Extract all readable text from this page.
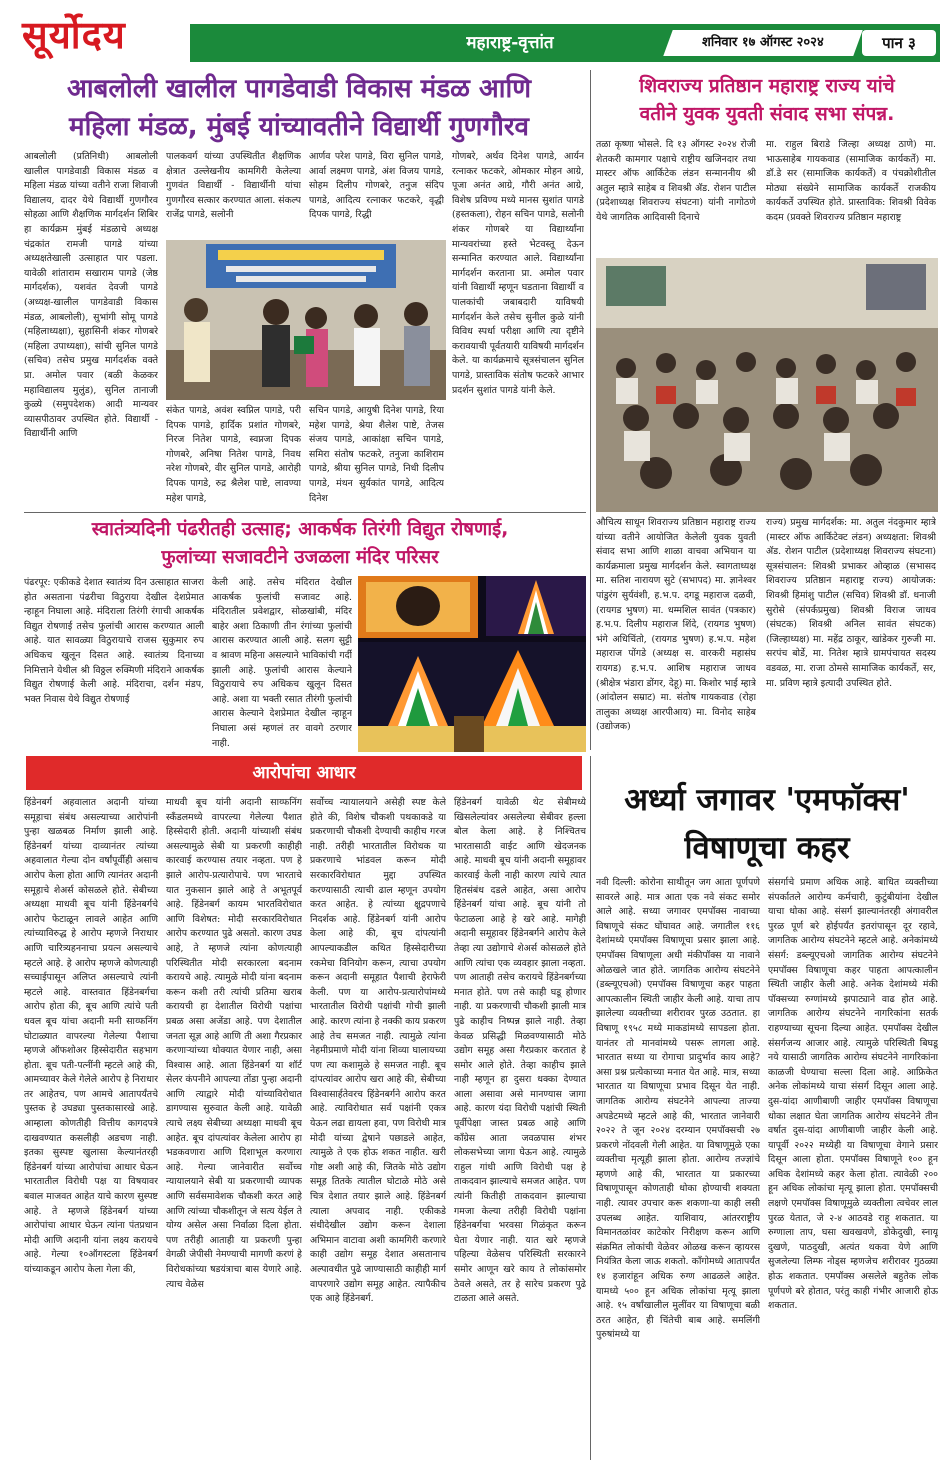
सूर्योदय	महाराष्ट्र-वृत्तांत	शनिवार १७ ऑगस्ट २०२४	पान ३
आबलोली खालील पागडेवाडी विकास मंडळ आणि
महिला मंडळ, मुंबई यांच्यावतीने विद्यार्थी गुणगौरव
आबलोली (प्रतिनिधी) आबलोली खालील पागडेवाडी विकास मंडळ व महिला मंडळ यांच्या वतीने राजा शिवाजी विद्यालय, दादर येथे विद्यार्थी गुणगौरव सोहळा आणि शैक्षणिक मार्गदर्शन शिबिर हा कार्यक्रम मुंबई मंडळाचे अध्यक्ष चंद्रकांत रामजी पागडे यांच्या अध्यक्षतेखाली उत्साहात पार पडला. यावेळी शांताराम सखाराम पागडे (जेष्ठ मार्गदर्शक), यशवंत देवजी पागडे (अध्यक्ष-खालील पागडेवाडी विकास मंडळ, आबलोली), सुभांगी सोमू पागडे (महिलाध्यक्षा), सुहासिनी शंकर गोणबरे (महिला उपाध्यक्षा), सांची सुनिल पागडे (सचिव) तसेच प्रमुख मार्गदर्शक वक्ते प्रा. अमोल पवार (बळी केळकर महाविद्यालय मुलुंड), सुनिल तानाजी कुळ्ये (समुपदेशक) आदी मान्यवर व्यासपीठावर उपस्थित होते. विद्यार्थी - विद्यार्थीनी आणि
पालकवर्ग यांच्या उपस्थितीत शैक्षणिक क्षेत्रात उल्लेखनीय कामगिरी केलेल्या गुणवंत विद्यार्थी - विद्यार्थीनी यांचा गुणगौरव सत्कार करण्यात आला. संकल्प राजेंद्र पागडे, सलोनी
आर्णव परेश पागडे, विरा सुनिल पागडे, आर्वा लक्ष्मण पागडे, अंश विजय पागडे, सोहम दिलीप गोणबरे, तनुज संदिप पागडे, आदित्य रत्नाकर फटकरे, वृद्धी दिपक पागडे, रिद्धी
गोणबरे, अर्थव दिनेश पागडे, आर्यन रत्नाकर फटकरे, ओमकार मोहन आग्रे, पूजा अनंत आग्रे, गौरी अनंत आग्रे, विशेष प्रविण्य मध्ये मानस सुशांत पागडे (हस्तकला), रोहन सचिन पागडे, सलोनी शंकर गोणबरे या विद्यार्थ्यांना मान्यवरांच्या हस्ते भेटवस्तू देऊन सन्मानित करण्यात आले. विद्यार्थ्यांना मार्गदर्शन करताना प्रा. अमोल पवार यांनी विद्यार्थी म्हणून घडताना विद्यार्थी व पालकांची जबाबदारी याविषयी मार्गदर्शन केले तसेच सुनील कुळे यांनी विविध स्पर्धा परीक्षा आणि त्या दृष्टीने करावयाची पूर्वतयारी याविषयी मार्गदर्शन केले. या कार्यक्रमाचे सूत्रसंचालन सुनिल पागडे, प्रास्ताविक संतोष फटकरे आभार प्रदर्शन सुशांत पागडे यांनी केले.
संकेत पागडे, अवंश स्वप्निल पागडे, परी दिपक पागडे, हार्दिक प्रशांत गोणबरे, निरज नितेश पागडे, स्वप्नजा दिपक गोणबरे, अनिषा नितेश पागडे, निवध नरेश गोणबरे, वीर सुनिल पागडे, आरोही दिपक पागडे, रुद्र श्रैलेश पाष्टे, लावण्या महेश पागडे,
सचिन पागडे, आयुषी दिनेश पागडे, रिया महेश पागडे, श्रेया शैलेश पाष्टे, तेजस संजय पागडे, आकांक्षा सचिन पागडे, समिरा संतोष फटकरे, तनुजा काशिराम पागडे, श्रीया सुनिल पागडे, निधी दिलीप पागडे, मंथन सुर्यकांत पागडे, आदित्य दिनेश
शिवराज्य प्रतिष्ठान महाराष्ट्र राज्य यांचे
वतीने युवक युवती संवाद सभा संपन्न.
तळा कृष्णा भोसले. दि १३ ऑगस्ट २०२४ रोजी शेतकरी कामगार पक्षाचे राष्ट्रीय खजिनदार तथा मास्टर ऑफ आर्किटेक लंडन सन्माननीय श्री अतुल म्हात्रे साहेब व शिवश्री ॲड. रोशन पाटील (प्रदेशाध्यक्ष शिवराज्य संघटना) यांनी नागोठणे येथे जागतिक आदिवासी दिनाचे
मा. राहुल बिराडे जिल्हा अध्यक्ष ठाणे) मा. भाऊसाहेब गायकवाड (सामाजिक कार्यकर्ते) मा. डॉ.डे सर (सामाजिक कार्यकर्ते) व पंचक्रोशीतील मोठ्या संख्येने सामाजिक कार्यकर्ते राजकीय कार्यकर्ते उपस्थित होते. प्रास्ताविक: शिवश्री विवेक कदम (प्रवक्ते शिवराज्य प्रतिष्ठान महाराष्ट्र
औचित्य साधून शिवराज्य प्रतिष्ठान महाराष्ट्र राज्य यांच्या वतीने आयोजित केलेली युवक युवती संवाद सभा आणि शाळा वाचवा अभियान या कार्यक्रमाला प्रमुख मार्गदर्शन केले. स्वागताध्यक्ष मा. सतिश नारायण सुटे (सभापद) मा. ज्ञानेश्वर पांडुरंग सुर्यवंशी, ह.भ.प. दगडू महाराज दळवी, (रायगड भुषण) मा. धम्मशिल सावंत (पत्रकार) ह.भ.प. दिलीप महाराज शिंदे, (रायगड भुषण) भंगे अधिचिंतो, (रायगड भुषण) ह.भ.प. महेश महाराज पोंगडे (अध्यक्ष स. वारकरी महासंघ रायगड) ह.भ.प. आशिष महाराज जाधव (श्रीक्षेत्र भंडारा डोंगर, देहू) मा. किशोर भाई म्हात्रे (आंदोलन सम्राट) मा. संतोष गायकवाड (रोहा तालुका अध्यक्ष आरपीआय) मा. विनोद साहेब (उद्योजक)
राज्य) प्रमुख मार्गदर्शक: मा. अतुल नंदकुमार म्हात्रे (मास्टर ऑफ आर्किटेक्ट लंडन) अध्यक्षता: शिवश्री ॲड. रोशन पाटील (प्रदेशाध्यक्ष शिवराज्य संघटना) सूत्रसंचालन: शिवश्री प्रभाकर ओव्हाळ (सभासद शिवराज्य प्रतिष्ठान महाराष्ट्र राज्य) आयोजक: शिवश्री हिमांशु पाटील (सचिव) शिवश्री डॉ. धनाजी सुरोसे (संपर्कप्रमुख) शिवश्री विराज जाधव (संघटक) शिवश्री अनिल सावंत संघटक) (जिल्हाध्यक्ष) मा. महेंद्र ठाकूर, खांडेकर गुरुजी मा. सरपंच बोर्डे, मा. नितेश म्हात्रे ग्रामपंचायत सदस्य वडवळ, मा. राजा ठोमसे सामाजिक कार्यकर्ते, सर, मा. प्रविण म्हात्रे इत्यादी उपस्थित होते.
स्वातंत्र्यदिनी पंढरीतही उत्साह; आकर्षक तिरंगी विद्युत रोषणाई,
फुलांच्या सजावटीने उजळला मंदिर परिसर
पंढरपूर: एकीकडे देशात स्वातंत्र्य दिन उत्साहात साजरा होत असताना पंढरीचा विठुराया देखील देशप्रेमात न्हाहून निघाला आहे. मंदिराला तिरंगी रंगाची आकर्षक विद्युत रोषणाई तसेच फुलांची आरास करण्यात आली आहे. यात सावळ्या विठुरायाचे राजस सुकुमार रुप अधिकच खुलून दिसत आहे. स्वातंत्र्य दिनाच्या निमित्ताने येथील श्री विठ्ठल रुक्मिणी मंदिराने आकर्षक विद्युत रोषणाई केली आहे. मंदिराचा, दर्शन मंडप, भक्त निवास येथे विद्युत रोषणाई
केली आहे. तसेच मंदिरात देखील आकर्षक फुलांची सजावट आहे. मंदिरातील प्रवेशद्वार, सोळखांबी, मंदिर बाहेर अशा ठिकाणी तीन रंगांच्या फुलांची आरास करण्यात आली आहे. सलग सुट्टी व श्रावण महिना असल्याने भाविकांची गर्दी झाली आहे. फुलांची आरास केल्याने विठुरायाचे रुप अधिकच खुलून दिसत आहे. अशा या भक्ती रसात तीरंगी फुलांची आरास केल्याने देशप्रेमात देखील न्हाहून निघाला असं म्हणलं तर वावगे ठरणार नाही.
आरोपांचा आधार
हिंडेनबर्ग अहवालात अदानी यांच्या समूहाचा संबंध असल्याच्या आरोपांनी पुन्हा खळबळ निर्माण झाली आहे. हिंडेनबर्ग यांच्या दाव्यानंतर त्यांच्या अहवालात गेल्या दोन वर्षांपूर्वीही असाच आरोप केला होता आणि त्यानंतर अदानी समूहाचे शेअर्स कोसळले होते. सेबीच्या अध्यक्षा माधवी बूच यांनी हिंडेनबर्गचे आरोप फेटाळून लावले आहेत आणि त्यांच्याविरुद्ध हे आरोप म्हणजे निराधार आणि चारित्र्यहननाचा प्रयत्न असल्याचे म्हटले आहे. हे आरोप म्हणजे कोणत्याही सच्चाईपासून अलिप्त असल्याचे त्यांनी म्हटले आहे. वास्तवात हिंडेनबर्गचा आरोप होता की, बूच आणि त्यांचे पती धवल बूच यांचा अदानी मनी साय्फनिंग घोटाळ्यात वापरल्या गेलेल्या पैशाचा म्हणजे ऑफशोअर हिस्सेदारीत सहभाग होता. बूच पती-पत्नींनी म्हटले आहे की, आमच्यावर केले गेलेले आरोप हे निराधार तर आहेतच, पण आमचे आतापर्यंतचे पुस्तक हे उघड्या पुस्तकासारखे आहे. आम्हाला कोणतीही वित्तीय कागदपत्रे दाखवण्यात कसलीही अडचण नाही. इतका सुस्पष्ट खुलासा केल्यानंतरही हिंडेनबर्ग यांच्या आरोपांचा आधार घेऊन भारतातील विरोधी पक्ष या विषयावर बवाल माजवत आहेत याचे कारण सुस्पष्ट आहे. ते म्हणजे हिंडेनबर्ग यांच्या आरोपांचा आधार घेऊन त्यांना पंतप्रधान मोदी आणि अदानी यांना लक्ष्य करायचे आहे. गेल्या १०ऑगस्टला हिंडेनबर्ग यांच्याकडून आरोप केला गेला की,
माधवी बूच यांनी अदानी साय्फनिंग स्कँडलमध्ये वापरल्या गेलेल्या पैशात हिस्सेदारी होती. अदानी यांच्याशी संबंध असल्यामुळे सेबी या प्रकरणी काहीही कारवाई करण्यास तयार नव्हता. पण हे झाले आरोप-प्रत्यारोपाचे. पण भारताचे यात नुकसान झाले आहे ते अभूतपूर्व आहे. हिंडेनबर्ग कायम भारतविरोधात आणि विशेषत: मोदी सरकारविरोधात आरोप करण्यात पुढे असतो. कारण उघड आहे, ते म्हणजे त्यांना कोणत्याही परिस्थितीत मोदी सरकारला बदनाम करायचे आहे. त्यामुळे मोदी यांना बदनाम करून कशी तरी त्यांची प्रतिमा खराब करायची हा देशातील विरोधी पक्षांचा प्रबळ असा अजेंडा आहे. पण देशातील जनता सूज्ञ आहे आणि ती अशा गैरप्रकार करणाऱ्यांच्या धोक्यात येणार नाही, असा विश्वास आहे. आता हिंडेनबर्ग या शॉर्ट सेलर कंपनीने आपल्या तोंडा पुन्हा अदानी आणि त्याद्वारे मोदी यांच्याविरोधात डागण्यास सुरुवात केली आहे. यावेळी त्याचे लक्ष्य सेबीच्या अध्यक्षा माधवी बूच आहेत. बूच दांपत्यांवर केलेला आरोप हा भडकवणारा आणि दिशाभूल करणारा आहे. गेल्या जानेवारीत सर्वोच्च न्यायालयाने सेबी या प्रकरणाची व्यापक आणि सर्वसमावेशक चौकशी करत आहे आणि त्यांच्या चौकशीतून जे सत्य येईल ते योग्य असेल असा निर्वाळा दिला होता. पण तरीही आताही या प्रकरणी पुन्हा वेगळी जेपीसी नेमण्याची मागणी करणं हे विरोधकांच्या षडयंत्राचा बास येणारे आहे. त्याच वेळेस
सर्वोच्च न्यायालयाने असेही स्पष्ट केले होते की, विशेष चौकशी पथकाकडे या प्रकरणाची चौकशी देण्याची काहीच गरज नाही. तरीही भारतातील विरोधक या प्रकरणाचे भांडवल करून मोदी सरकारविरोधात मुद्दा उपस्थित करण्यासाठी त्याची ढाल म्हणून उपयोग करत आहेत. हे त्यांच्या क्षुद्रपणाचे निदर्शक आहे. हिंडेनबर्ग यांनी आरोप केला आहे की, बूच दांपत्यांनी आपल्याकडील कथित हिस्सेदारीच्या रकमेचा विनियोग करून, त्याचा उपयोग करून अदानी समूहात पैशाची हेराफेरी केली. पण या आरोप-प्रत्यारोपांमध्ये भारतातील विरोधी पक्षांची गोची झाली आहे. कारण त्यांना हे नक्की काय प्रकरण आहे तेच समजत नाही. त्यामुळे त्यांना नेहमीप्रमाणे मोदी यांना शिव्या घालायच्या पण त्या कशामुळे हे समजत नाही. बूच दांपत्यांवर आरोप खरा आहे की, सेबीच्या विश्वासार्हतेवरच हिंडेनबर्गने आरोप करत आहे. त्याविरोधात सर्व पक्षांनी एकत्र येऊन लढा द्यायला हवा, पण विरोधी मात्र मोदी यांच्या द्वेषाने पछाडले आहेत, त्यामुळे ते एक होऊ शकत नाहीत. खरी गोष्ट अशी आहे की, जितके मोठे उद्योग समूह तितके त्यातील घोटाळे मोठे असे चित्र देशात तयार झाले आहे. हिंडेनबर्ग त्याला अपवाद नाही. एकीकडे संधीदेखील उद्योग करून देशाला अभिमान वाटावा अशी कामगिरी करणारे काही उद्योग समूह देशात असतानाच अल्पावधीत पुढे जाण्यासाठी काहीही मार्ग वापरणारे उद्योग समूह आहेत. त्यापैकीच एक आहे हिंडेनबर्ग.
हिंडेनबर्ग यावेळी थेट सेबीमध्ये खिसलेल्यांवर असलेल्या सेबीवर हल्ला बोल केला आहे. हे निश्चितच भारतासाठी वाईट आणि खेदजनक आहे. माधवी बूच यांनी अदानी समूहावर कारवाई केली नाही कारण त्यांचे त्यात हितसंबंध दडले आहेत, असा आरोप हिंडेनबर्ग यांचा आहे. बूच यांनी तो फेटाळला आहे हे खरे आहे. मागेही अदानी समूहावर हिंडेनबर्गने आरोप केले तेव्हा त्या उद्योगाचे शेअर्स कोसळले होते आणि त्यांचा एक व्यवहार झाला नव्हता. पण आताही तसेच करायचे हिंडेनबर्गच्या मनात होते. पण तसे काही घडू होणार नाही. या प्रकरणाची चौकशी झाली मात्र पुढे काहीच निष्पन्न झाले नाही. तेव्हा केवळ प्रसिद्धी मिळवण्यासाठी मोठे उद्योग समूह असा गैरप्रकार करतात हे समोर आले होते. तेव्हा काहीच झाले नाही म्हणून हा दुसरा धक्का देण्यात आला असावा असे मानण्यास जागा आहे. कारण यंदा विरोधी पक्षांची स्थिती पूर्वीपेक्षा जास्त प्रबळ आहे आणि काँग्रेस आता जवळपास शंभर लोकसभेच्या जागा घेऊन आहे. त्यामुळे राहुल गांधी आणि विरोधी पक्ष हे ताकदवान झाल्याचे समजत आहेत. पण त्यांनी कितीही ताकदवान झाल्याचा गमजा केल्या तरीही विरोधी पक्षांना हिंडेनबर्गचा भरवसा गिळंकृत करून घेता येणार नाही. यात खरे म्हणजे पहिल्या वेळेसच परिस्थिती सरकारने समोर आणून खरे काय ते लोकांसमोर ठेवले असते, तर हे सारेच प्रकरण पुढे टाळता आले असते.
अर्ध्या जगावर 'एमफॉक्स'
विषाणूचा कहर
नवी दिल्ली: कोरोना साथीतून जग आता पूर्णपणे सावरले आहे. मात्र आता एक नवे संकट समोर आले आहे. सध्या जगावर एमपॉक्स नावाच्या विषाणूचे संकट घोंघावत आहे. जगातील ११६ देशांमध्ये एमपॉक्स विषाणूचा प्रसार झाला आहे. एमपॉक्स विषाणूला अधी मंकीपॉक्स या नावाने ओळखले जात होते. जागतिक आरोग्य संघटनेने (डब्ल्यूएचओ) एमपॉक्स विषाणूचा कहर पाहता आपत्कालीन स्थिती जाहीर केली आहे. याचा ताप झालेल्या व्यक्तीच्या शरीरावर पुरळ उठतात. हा विषाणू १९५८ मध्ये माकडांमध्ये सापडला होता. यानंतर तो मानवांमध्ये पसरू लागला आहे. भारतात सध्या या रोगाचा प्रादुर्भाव काय आहे? असा प्रश्न प्रत्येकाच्या मनात येत आहे. मात्र, सध्या भारतात या विषाणूचा प्रभाव दिसून येत नाही. जागतिक आरोग्य संघटनेने आपल्या ताज्या अपडेटमध्ये म्हटले आहे की, भारतात जानेवारी २०२२ ते जून २०२४ दरम्यान एमपॉक्सची २७ प्रकरणे नोंदवली गेली आहेत. या विषाणूमुळे एका व्यक्तीचा मृत्यूही झाला होता. आरोग्य तज्ज्ञांचे म्हणणे आहे की, भारतात या प्रकारच्या विषाणूपासून कोणताही धोका होण्याची शक्यता नाही. त्यावर उपचार करू शकणा-या काही लसी उपलब्ध आहेत. याशिवाय, आंतरराष्ट्रीय विमानतळांवर काटेकोर निरीक्षण करून आणि संक्रमित लोकांची वेळेवर ओळख करून व्हायरस नियंत्रित केला जाऊ शकतो. काँगोमध्ये आतापर्यंत १४ हजारांहून अधिक रुग्ण आढळले आहेत. यामध्ये ५०० हून अधिक लोकांचा मृत्यू झाला आहे. १५ वर्षांखालील मुलींवर या विषाणूचा बळी ठरत आहेत, ही चिंतेची बाब आहे. समलिंगी पुरुषांमध्ये या
संसर्गाचे प्रमाण अधिक आहे. बाधित व्यक्तीच्या संपर्कातले आरोग्य कर्मचारी, कुटुंबीयांना देखील याचा धोका आहे. संसर्ग झाल्यानंतरही अंगावरील पुरळ पूर्ण बरे होईपर्यंत इतरांपासून दूर रहावे, जागतिक आरोग्य संघटनेने म्हटले आहे. अनेकांमध्ये संसर्ग: डब्ल्यूएचओ जागतिक आरोग्य संघटनेने एमपॉक्स विषाणूचा कहर पाहता आपत्कालीन स्थिती जाहीर केली आहे. अनेक देशांमध्ये मंकी पॉक्सच्या रुग्णांमध्ये झपाट्याने वाढ होत आहे. जागतिक आरोग्य संघटनेने नागरिकांना सतर्क राहण्याच्या सूचना दिल्या आहेत. एमपॉक्स देखील संसर्गजन्य आजार आहे. त्यामुळे परिस्थिती बिघडू नये यासाठी जागतिक आरोग्य संघटनेने नागरिकांना काळजी घेण्याचा सल्ला दिला आहे. आफ्रिकेत अनेक लोकांमध्ये याचा संसर्ग दिसून आला आहे. दुस-यांदा आणीबाणी जाहीर एमपॉक्स विषाणूचा धोका लक्षात घेता जागतिक आरोग्य संघटनेने तीन वर्षात दुस-यांदा आणीबाणी जाहीर केली आहे. यापूर्वी २०२२ मध्येही या विषाणूचा वेगाने प्रसार दिसून आला होता. एमपॉक्स विषाणूने १०० हून अधिक देशांमध्ये कहर केला होता. त्यावेळी २०० हून अधिक लोकांचा मृत्यू झाला होता. एमपॉक्सची लक्षणे एमपॉक्स विषाणूमुळे व्यक्तीला त्वचेवर लाल पुरळ येतात, जे २-४ आठवडे राहू शकतात. या रुग्णाला ताप, घसा खवखवणे, डोकेदुखी, स्नायू दुखणे, पाठदुखी, अत्यंत थकवा येणे आणि सुजलेल्या लिम्फ नोड्स म्हणजेच शरीरावर गुठळ्या होऊ शकतात. एमपॉक्स असलेले बहुतेक लोक पूर्णपणे बरे होतात, परंतु काही गंभीर आजारी होऊ शकतात.
